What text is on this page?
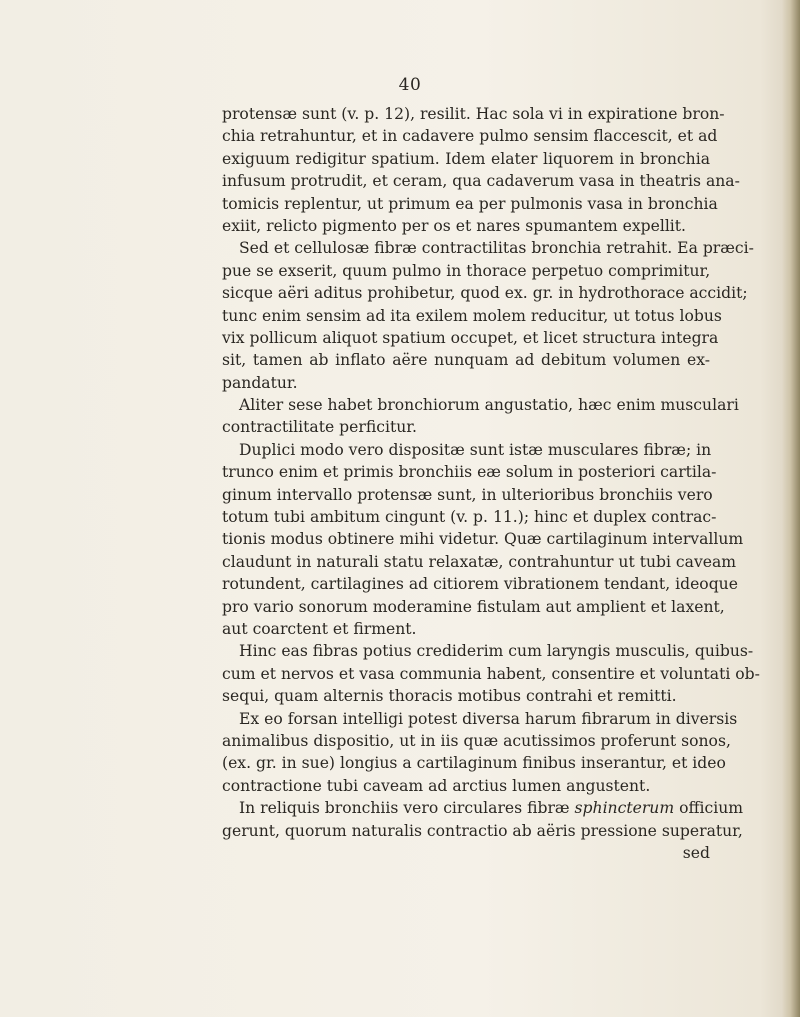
40
protensæ sunt (v. p. 12), resilit. Hac sola vi in expiratione bron-
chia retrahuntur, et in cadavere pulmo sensim flaccescit, et ad
exiguum redigitur spatium. Idem elater liquorem in bronchia
infusum protrudit, et ceram, qua cadaverum vasa in theatris ana-
tomicis replentur, ut primum ea per pulmonis vasa in bronchia
exiit, relicto pigmento per os et nares spumantem expellit.
Sed et cellulosæ fibræ contractilitas bronchia retrahit. Ea præci-
pue se exserit, quum pulmo in thorace perpetuo comprimitur,
sicque aëri aditus prohibetur, quod ex. gr. in hydrothorace accidit;
tunc enim sensim ad ita exilem molem reducitur, ut totus lobus
vix pollicum aliquot spatium occupet, et licet structura integra
sit, tamen ab inflato aëre nunquam ad debitum volumen ex-
pandatur.
Aliter sese habet bronchiorum angustatio, hæc enim musculari
contractilitate perficitur.
Duplici modo vero dispositæ sunt istæ musculares fibræ; in
trunco enim et primis bronchiis eæ solum in posteriori cartila-
ginum intervallo protensæ sunt, in ulterioribus bronchiis vero
totum tubi ambitum cingunt (v. p. 11.); hinc et duplex contrac-
tionis modus obtinere mihi videtur. Quæ cartilaginum intervallum
claudunt in naturali statu relaxatæ, contrahuntur ut tubi caveam
rotundent, cartilagines ad citiorem vibrationem tendant, ideoque
pro vario sonorum moderamine fistulam aut amplient et laxent,
aut coarctent et firment.
Hinc eas fibras potius crediderim cum laryngis musculis, quibus-
cum et nervos et vasa communia habent, consentire et voluntati ob-
sequi, quam alternis thoracis motibus contrahi et remitti.
Ex eo forsan intelligi potest diversa harum fibrarum in diversis
animalibus dispositio, ut in iis quæ acutissimos proferunt sonos,
(ex. gr. in sue) longius a cartilaginum finibus inserantur, et ideo
contractione tubi caveam ad arctius lumen angustent.
In reliquis bronchiis vero circulares fibræ sphincterum officium
gerunt, quorum naturalis contractio ab aëris pressione superatur,
sed
